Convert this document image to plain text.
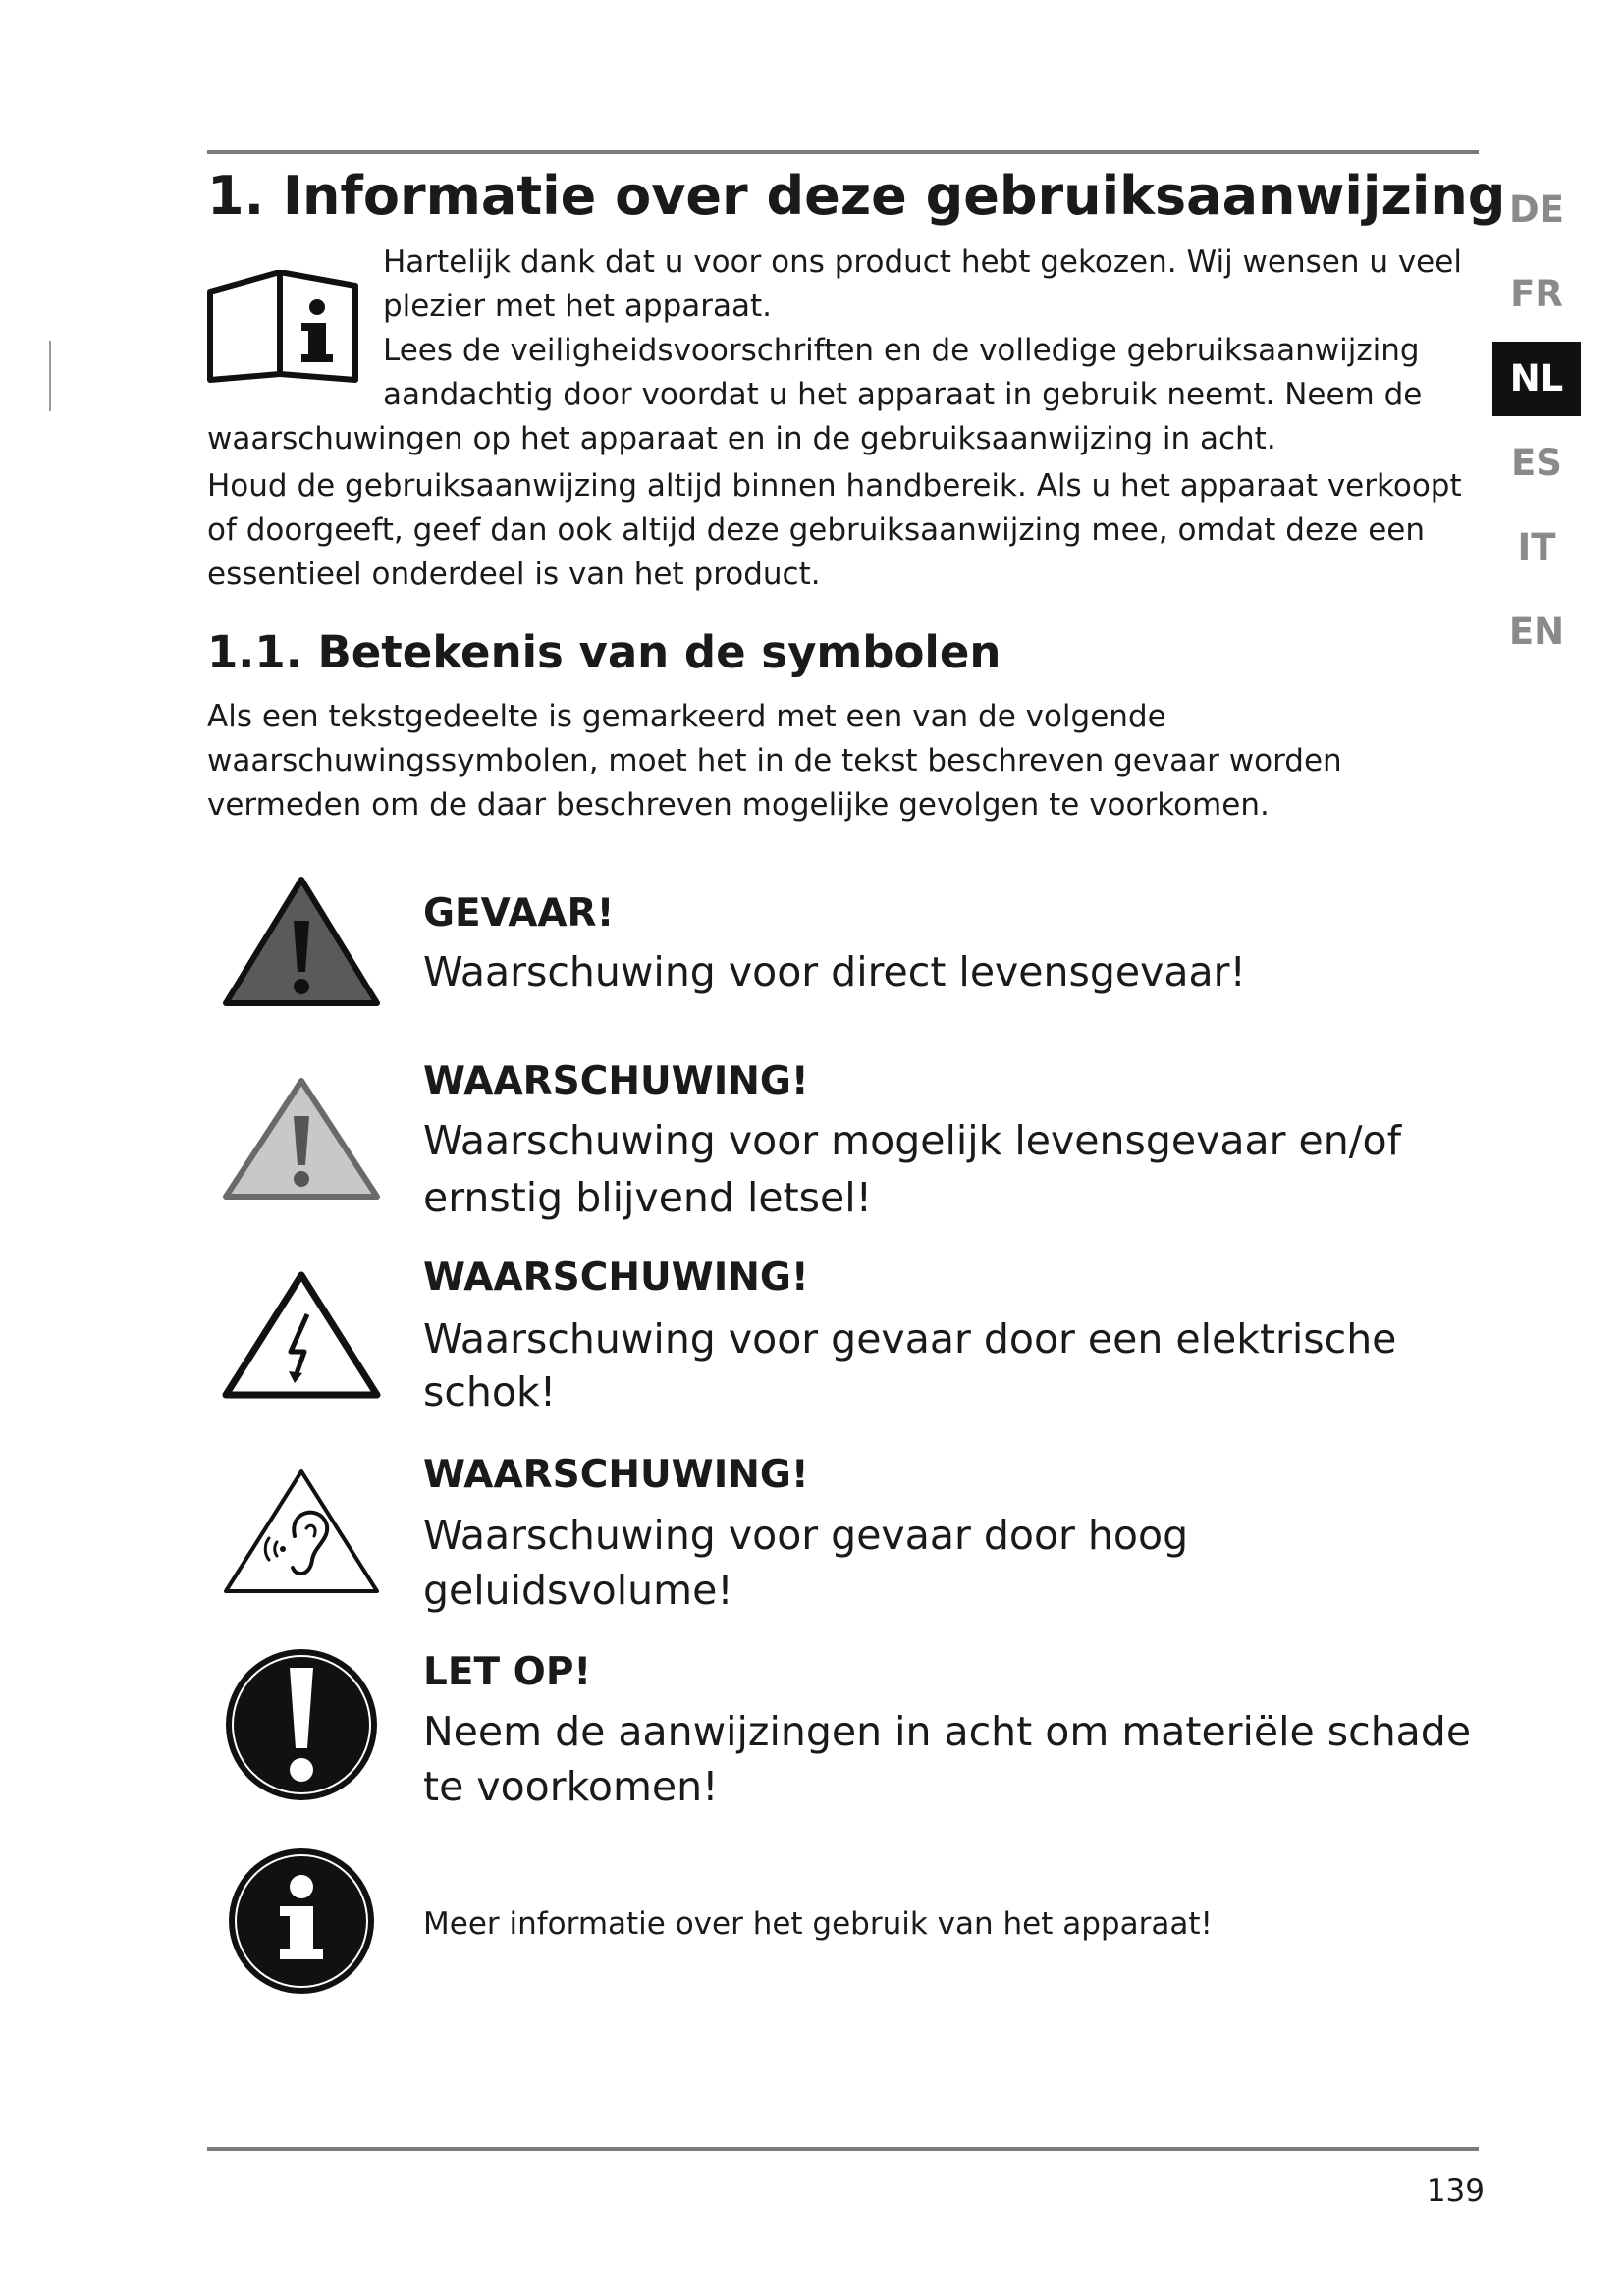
1. Informatie over deze gebruiksaanwijzing
Hartelijk dank dat u voor ons product hebt gekozen. Wij wensen u veel
plezier met het apparaat.
Lees de veiligheidsvoorschriften en de volledige gebruiksaanwijzing
aandachtig door voordat u het apparaat in gebruik neemt. Neem de
waarschuwingen op het apparaat en in de gebruiksaanwijzing in acht.
Houd de gebruiksaanwijzing altijd binnen handbereik. Als u het apparaat verkoopt
of doorgeeft, geef dan ook altijd deze gebruiksaanwijzing mee, omdat deze een
essentieel onderdeel is van het product.
1.1. Betekenis van de symbolen
Als een tekstgedeelte is gemarkeerd met een van de volgende
waarschuwingssymbolen, moet het in de tekst beschreven gevaar worden
vermeden om de daar beschreven mogelijke gevolgen te voorkomen.
DE
FR
NL
ES
IT
EN
GEVAAR!
Waarschuwing voor direct levensgevaar!
WAARSCHUWING!
Waarschuwing voor mogelijk levensgevaar en/of
ernstig blijvend letsel!
WAARSCHUWING!
Waarschuwing voor gevaar door een elektrische
schok!
WAARSCHUWING!
Waarschuwing voor gevaar door hoog
geluidsvolume!
LET OP!
Neem de aanwijzingen in acht om materiële schade
te voorkomen!
Meer informatie over het gebruik van het apparaat!
139
